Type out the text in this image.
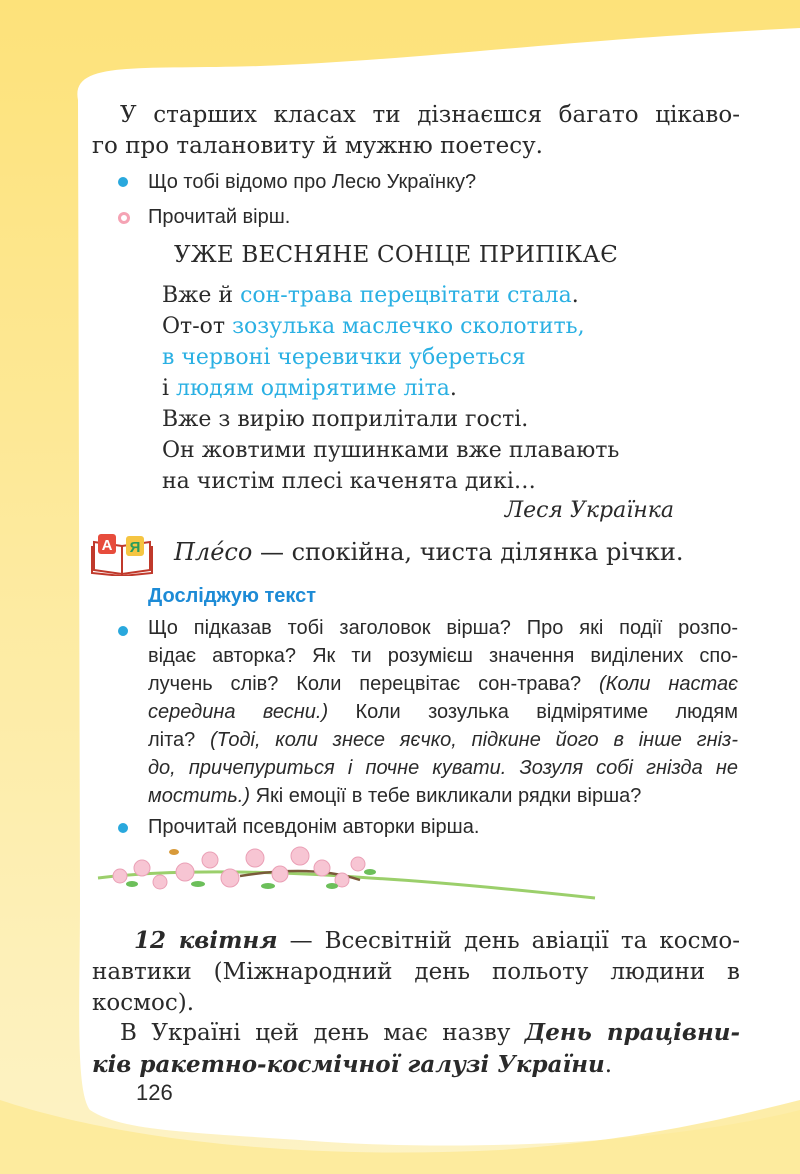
У старших класах ти дізнаєшся багато цікаво-
го про талановиту й мужню поетесу.
Що тобі відомо про Лесю Українку?
Прочитай вірш.
УЖЕ ВЕСНЯНЕ СОНЦЕ ПРИПІКАЄ
Вже й сон-трава перецвітати стала.
От-от зозулька маслечко сколотить,
в червоні черевички убереться
і людям одмірятиме літа.
Вже з вирію поприлітали гості.
Он жовтими пушинками вже плавають
на чистім плесі каченята дикі…
Леся Українка
А Я Пле́со — спокійна, чиста ділянка річки.
Досліджую текст
Що підказав тобі заголовок вірша? Про які події розпо-
відає авторка? Як ти розумієш значення виділених спо-
лучень слів? Коли перецвітає сон-трава? (Коли настає
середина весни.) Коли зозулька відмірятиме людям
літа? (Тоді, коли знесе яєчко, підкине його в інше гніз-
до, причепуриться і почне кувати. Зозуля собі гнізда не
мостить.) Які емоції в тебе викликали рядки вірша?
Прочитай псевдонім авторки вірша.
12 квітня — Всесвітній день авіації та космо-
навтики (Міжнародний день польоту людини в
космос).
В Україні цей день має назву День працівни-
ків ракетно-космічної галузі України.
126
